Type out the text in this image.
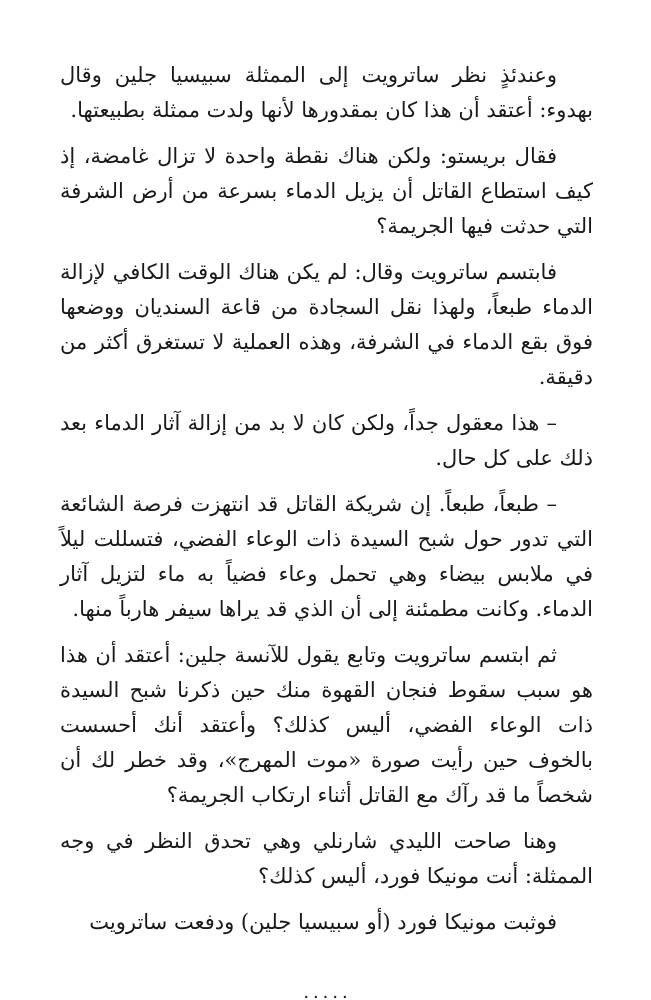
وعندئذٍ نظر ساترويت إلى الممثلة سبيسيا جلين وقال بهدوء: أعتقد أن هذا كان بمقدورها لأنها ولدت ممثلة بطبيعتها.

فقال بريستو: ولكن هناك نقطة واحدة لا تزال غامضة، إذ كيف استطاع القاتل أن يزيل الدماء بسرعة من أرض الشرفة التي حدثت فيها الجريمة؟

فابتسم ساترويت وقال: لم يكن هناك الوقت الكافي لإزالة الدماء طبعاً، ولهذا نقل السجادة من قاعة السنديان ووضعها فوق بقع الدماء في الشرفة، وهذه العملية لا تستغرق أكثر من دقيقة.

– هذا معقول جداً، ولكن كان لا بد من إزالة آثار الدماء بعد ذلك على كل حال.

– طبعاً، طبعاً. إن شريكة القاتل قد انتهزت فرصة الشائعة التي تدور حول شبح السيدة ذات الوعاء الفضي، فتسللت ليلاً في ملابس بيضاء وهي تحمل وعاء فضياً به ماء لتزيل آثار الدماء. وكانت مطمئنة إلى أن الذي قد يراها سيفر هارباً منها.

ثم ابتسم ساترويت وتابع يقول للآنسة جلين: أعتقد أن هذا هو سبب سقوط فنجان القهوة منك حين ذكرنا شبح السيدة ذات الوعاء الفضي، أليس كذلك؟ وأعتقد أنك أحسست بالخوف حين رأيت صورة «موت المهرج»، وقد خطر لك أن شخصاً ما قد رآك مع القاتل أثناء ارتكاب الجريمة؟

وهنا صاحت الليدي شارنلي وهي تحدق النظر في وجه الممثلة: أنت مونيكا فورد، أليس كذلك؟

فوثبت مونيكا فورد (أو سبيسيا جلين) ودفعت ساترويت

٠٠٠٠٠
